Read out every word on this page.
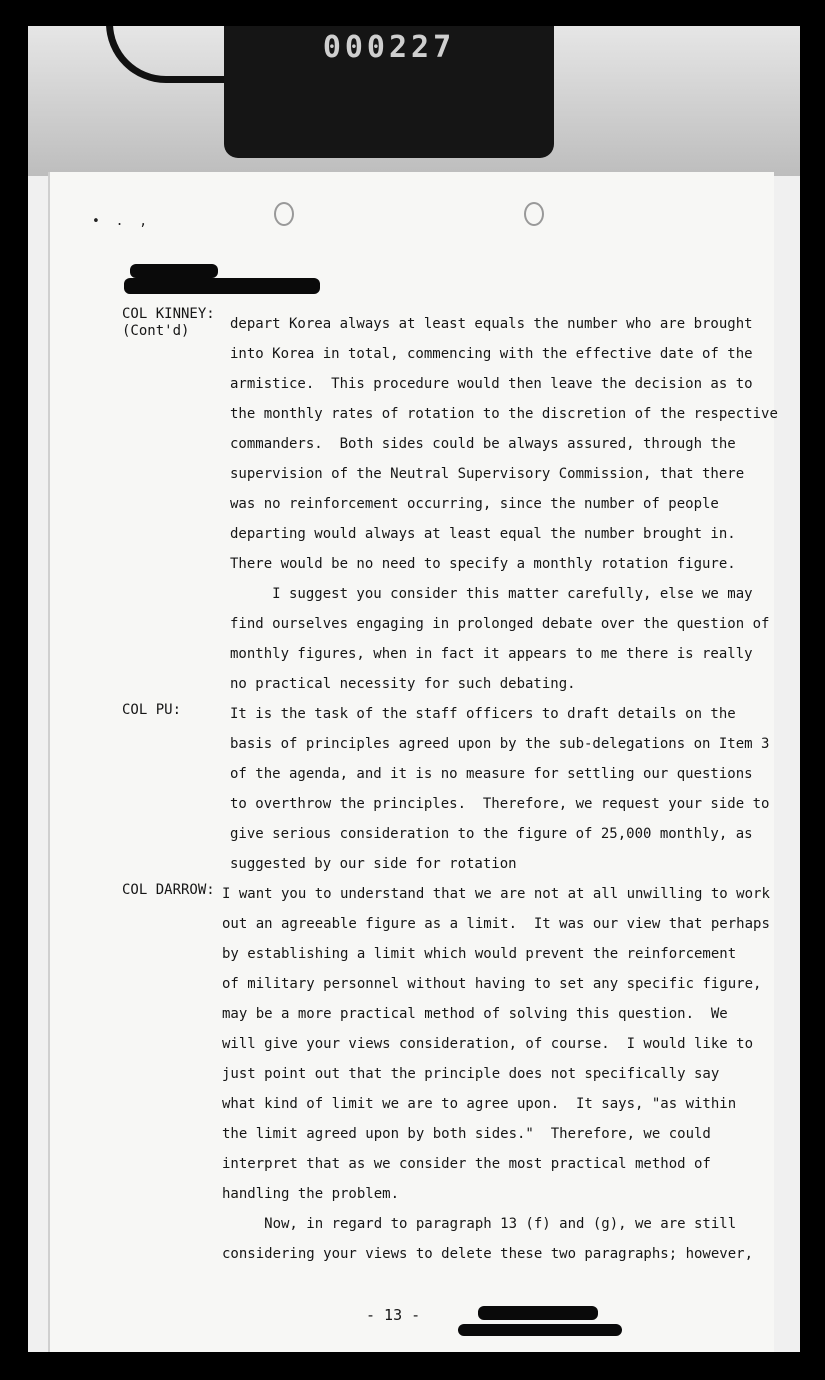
000227
• . ,
COL KINNEY:
(Cont'd)
COL PU:
COL DARROW:
depart Korea always at least equals the number who are brought
into Korea in total, commencing with the effective date of the
armistice.  This procedure would then leave the decision as to
the monthly rates of rotation to the discretion of the respective
commanders.  Both sides could be always assured, through the
supervision of the Neutral Supervisory Commission, that there
was no reinforcement occurring, since the number of people
departing would always at least equal the number brought in.
There would be no need to specify a monthly rotation figure.
I suggest you consider this matter carefully, else we may
find ourselves engaging in prolonged debate over the question of
monthly figures, when in fact it appears to me there is really
no practical necessity for such debating.
It is the task of the staff officers to draft details on the
basis of principles agreed upon by the sub-delegations on Item 3
of the agenda, and it is no measure for settling our questions
to overthrow the principles.  Therefore, we request your side to
give serious consideration to the figure of 25,000 monthly, as
suggested by our side for rotation
I want you to understand that we are not at all unwilling to work
out an agreeable figure as a limit.  It was our view that perhaps
by establishing a limit which would prevent the reinforcement
of military personnel without having to set any specific figure,
may be a more practical method of solving this question.  We
will give your views consideration, of course.  I would like to
just point out that the principle does not specifically say
what kind of limit we are to agree upon.  It says, "as within
the limit agreed upon by both sides."  Therefore, we could
interpret that as we consider the most practical method of
handling the problem.
Now, in regard to paragraph 13 (f) and (g), we are still
considering your views to delete these two paragraphs; however,
- 13 -
